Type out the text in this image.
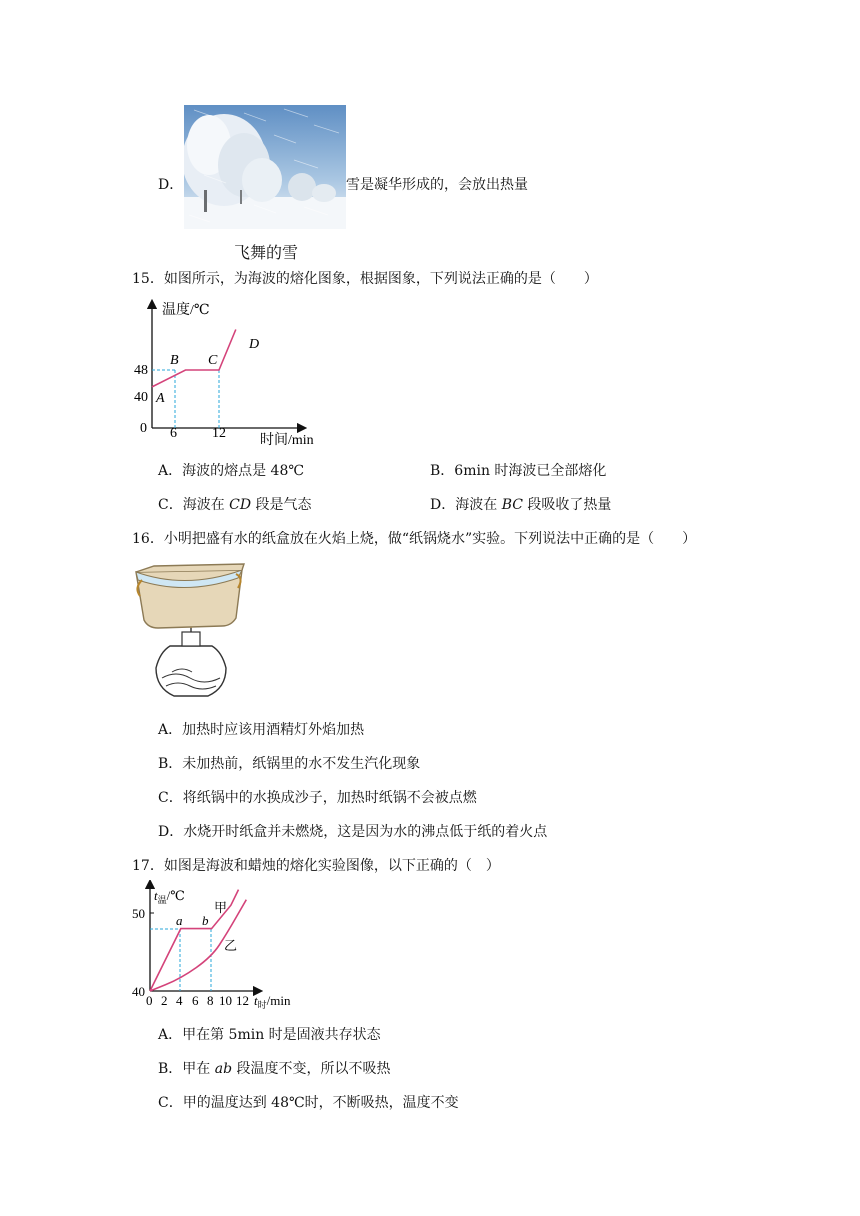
D．	雪是凝华形成的，会放出热量
飞舞的雪
15．如图所示，为海波的熔化图象，根据图象，下列说法正确的是（　　）
温度/℃
48
40
0 6	12 时间/min
A
B C
D
A．海波的熔点是 48℃	B．6min 时海波已全部熔化
C．海波在 CD 段是气态	D．海波在 BC 段吸收了热量
16．小明把盛有水的纸盒放在火焰上烧，做“纸锅烧水”实验。下列说法中正确的是（　　）
A．加热时应该用酒精灯外焰加热
B．未加热前，纸锅里的水不发生汽化现象
C．将纸锅中的水换成沙子，加热时纸锅不会被点燃
D．水烧开时纸盒并未燃烧，这是因为水的沸点低于纸的着火点
17．如图是海波和蜡烛的熔化实验图像，以下正确的（　）
$t_温/℃$
50
40
0 2 4 6 8 10 12 $t_时/\min$
a b
甲
乙
A．甲在第 5min 时是固液共存状态
B．甲在 ab 段温度不变，所以不吸热
C．甲的温度达到 48℃时，不断吸热，温度不变
